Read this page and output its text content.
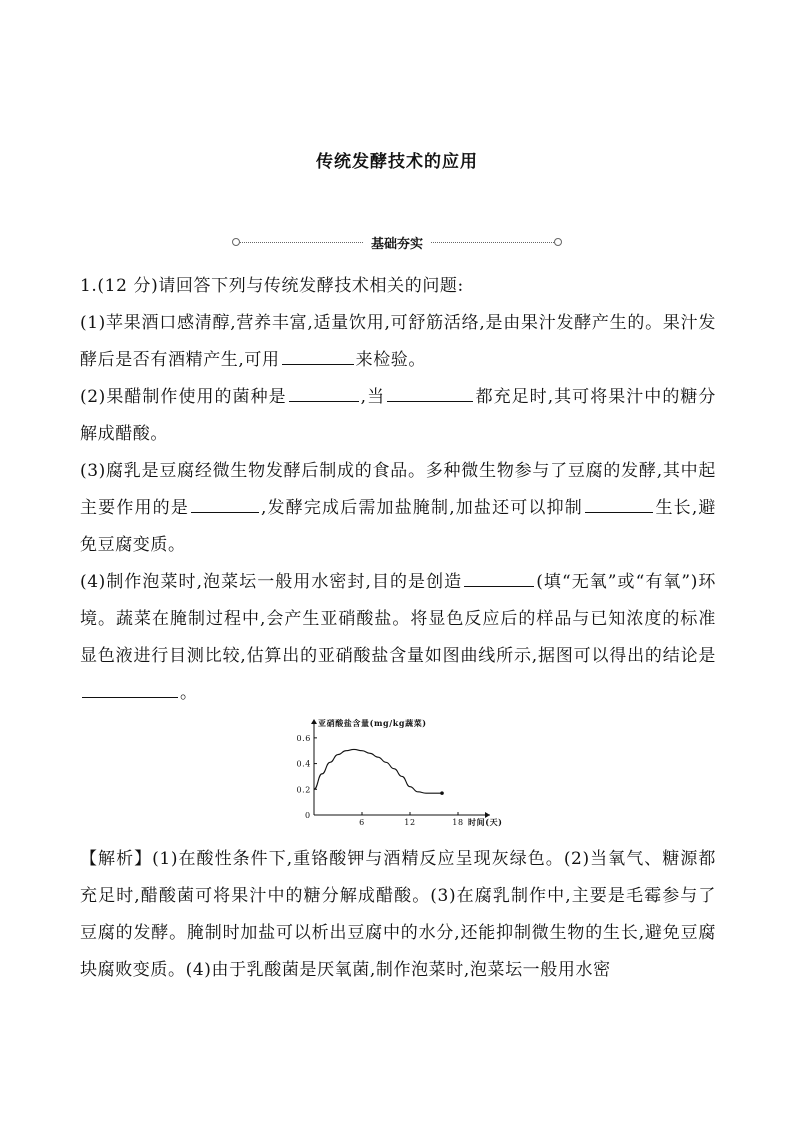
传统发酵技术的应用
基础夯实

1.(12 分)请回答下列与传统发酵技术相关的问题:

(1)苹果酒口感清醇,营养丰富,适量饮用,可舒筋活络,是由果汁发酵产生的。果汁发酵后是否有酒精产生,可用	来检验。

(2)果醋制作使用的菌种是	,当	都充足时,其可将果汁中的糖分解成醋酸。

(3)腐乳是豆腐经微生物发酵后制成的食品。多种微生物参与了豆腐的发酵,其中起主要作用的是	,发酵完成后需加盐腌制,加盐还可以抑制	生长,避免豆腐变质。

(4)制作泡菜时,泡菜坛一般用水密封,目的是创造	(填“无氧”或“有氧”)环境。蔬菜在腌制过程中,会产生亚硝酸盐。将显色反应后的样品与已知浓度的标准显色液进行目测比较,估算出的亚硝酸盐含量如图曲线所示,据图可以得出的结论是。

亚硝酸盐含量(mg/kg蔬菜)
时间(天)
0
6	12	18
0.2
0.4
0.6

【解析】(1)在酸性条件下,重铬酸钾与酒精反应呈现灰绿色。(2)当氧气、糖源都充足时,醋酸菌可将果汁中的糖分解成醋酸。(3)在腐乳制作中,主要是毛霉参与了豆腐的发酵。腌制时加盐可以析出豆腐中的水分,还能抑制微生物的生长,避免豆腐块腐败变质。(4)由于乳酸菌是厌氧菌,制作泡菜时,泡菜坛一般用水密
